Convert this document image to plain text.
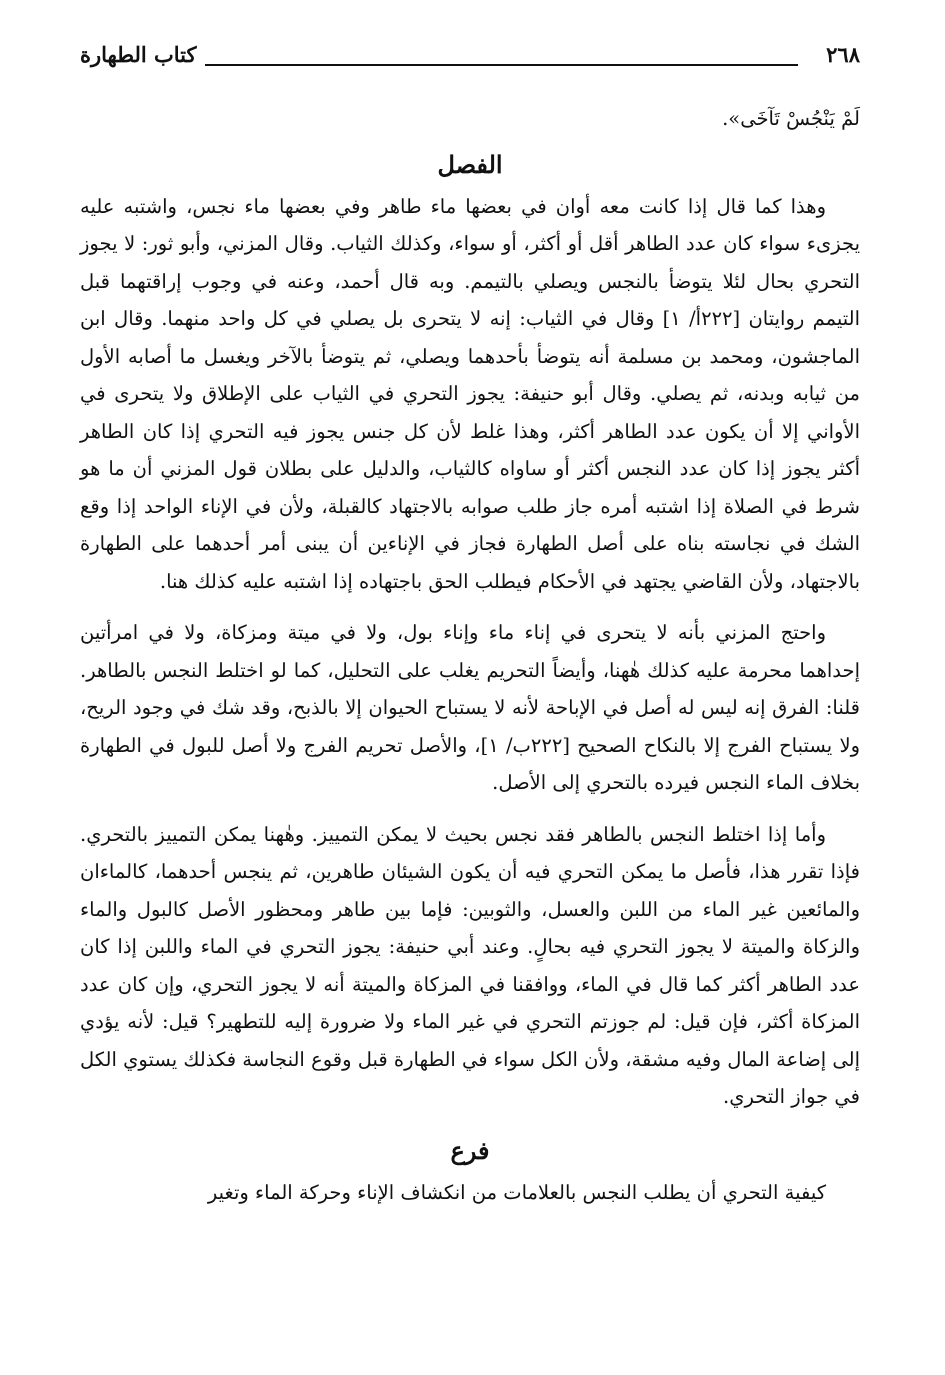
كتاب الطهارة	٢٦٨

لَمْ يَنْجُسْ تَآخَى».

الفصل

وهذا كما قال إذا كانت معه أوان في بعضها ماء طاهر وفي بعضها ماء نجس، واشتبه عليه يجزىء سواء كان عدد الطاهر أقل أو أكثر، أو سواء، وكذلك الثياب. وقال المزني، وأبو ثور: لا يجوز التحري بحال لئلا يتوضأ بالنجس ويصلي بالتيمم. وبه قال أحمد، وعنه في وجوب إراقتهما قبل التيمم روايتان [٢٢٢أ/ ١] وقال في الثياب: إنه لا يتحرى بل يصلي في كل واحد منهما. وقال ابن الماجشون، ومحمد بن مسلمة أنه يتوضأ بأحدهما ويصلي، ثم يتوضأ بالآخر ويغسل ما أصابه الأول من ثيابه وبدنه، ثم يصلي. وقال أبو حنيفة: يجوز التحري في الثياب على الإطلاق ولا يتحرى في الأواني إلا أن يكون عدد الطاهر أكثر، وهذا غلط لأن كل جنس يجوز فيه التحري إذا كان الطاهر أكثر يجوز إذا كان عدد النجس أكثر أو ساواه كالثياب، والدليل على بطلان قول المزني أن ما هو شرط في الصلاة إذا اشتبه أمره جاز طلب صوابه بالاجتهاد كالقبلة، ولأن في الإناء الواحد إذا وقع الشك في نجاسته بناه على أصل الطهارة فجاز في الإناءين أن يبنى أمر أحدهما على الطهارة بالاجتهاد، ولأن القاضي يجتهد في الأحكام فيطلب الحق باجتهاده إذا اشتبه عليه كذلك هنا.

واحتج المزني بأنه لا يتحرى في إناء ماء وإناء بول، ولا في ميتة ومزكاة، ولا في امرأتين إحداهما محرمة عليه كذلك هٰهنا، وأيضاً التحريم يغلب على التحليل، كما لو اختلط النجس بالطاهر. قلنا: الفرق إنه ليس له أصل في الإباحة لأنه لا يستباح الحيوان إلا بالذبح، وقد شك في وجود الريح، ولا يستباح الفرج إلا بالنكاح الصحيح [٢٢٢ب/ ١]، والأصل تحريم الفرج ولا أصل للبول في الطهارة بخلاف الماء النجس فيرده بالتحري إلى الأصل.

وأما إذا اختلط النجس بالطاهر فقد نجس بحيث لا يمكن التمييز. وهٰهنا يمكن التمييز بالتحري. فإذا تقرر هذا، فأصل ما يمكن التحري فيه أن يكون الشيئان طاهرين، ثم ينجس أحدهما، كالماءان والمائعين غير الماء من اللبن والعسل، والثوبين: فإما بين طاهر ومحظور الأصل كالبول والماء والزكاة والميتة لا يجوز التحري فيه بحالٍ. وعند أبي حنيفة: يجوز التحري في الماء واللبن إذا كان عدد الطاهر أكثر كما قال في الماء، ووافقنا في المزكاة والميتة أنه لا يجوز التحري، وإن كان عدد المزكاة أكثر، فإن قيل: لم جوزتم التحري في غير الماء ولا ضرورة إليه للتطهير؟ قيل: لأنه يؤدي إلى إضاعة المال وفيه مشقة، ولأن الكل سواء في الطهارة قبل وقوع النجاسة فكذلك يستوي الكل في جواز التحري.

فرع

كيفية التحري أن يطلب النجس بالعلامات من انكشاف الإناء وحركة الماء وتغير
